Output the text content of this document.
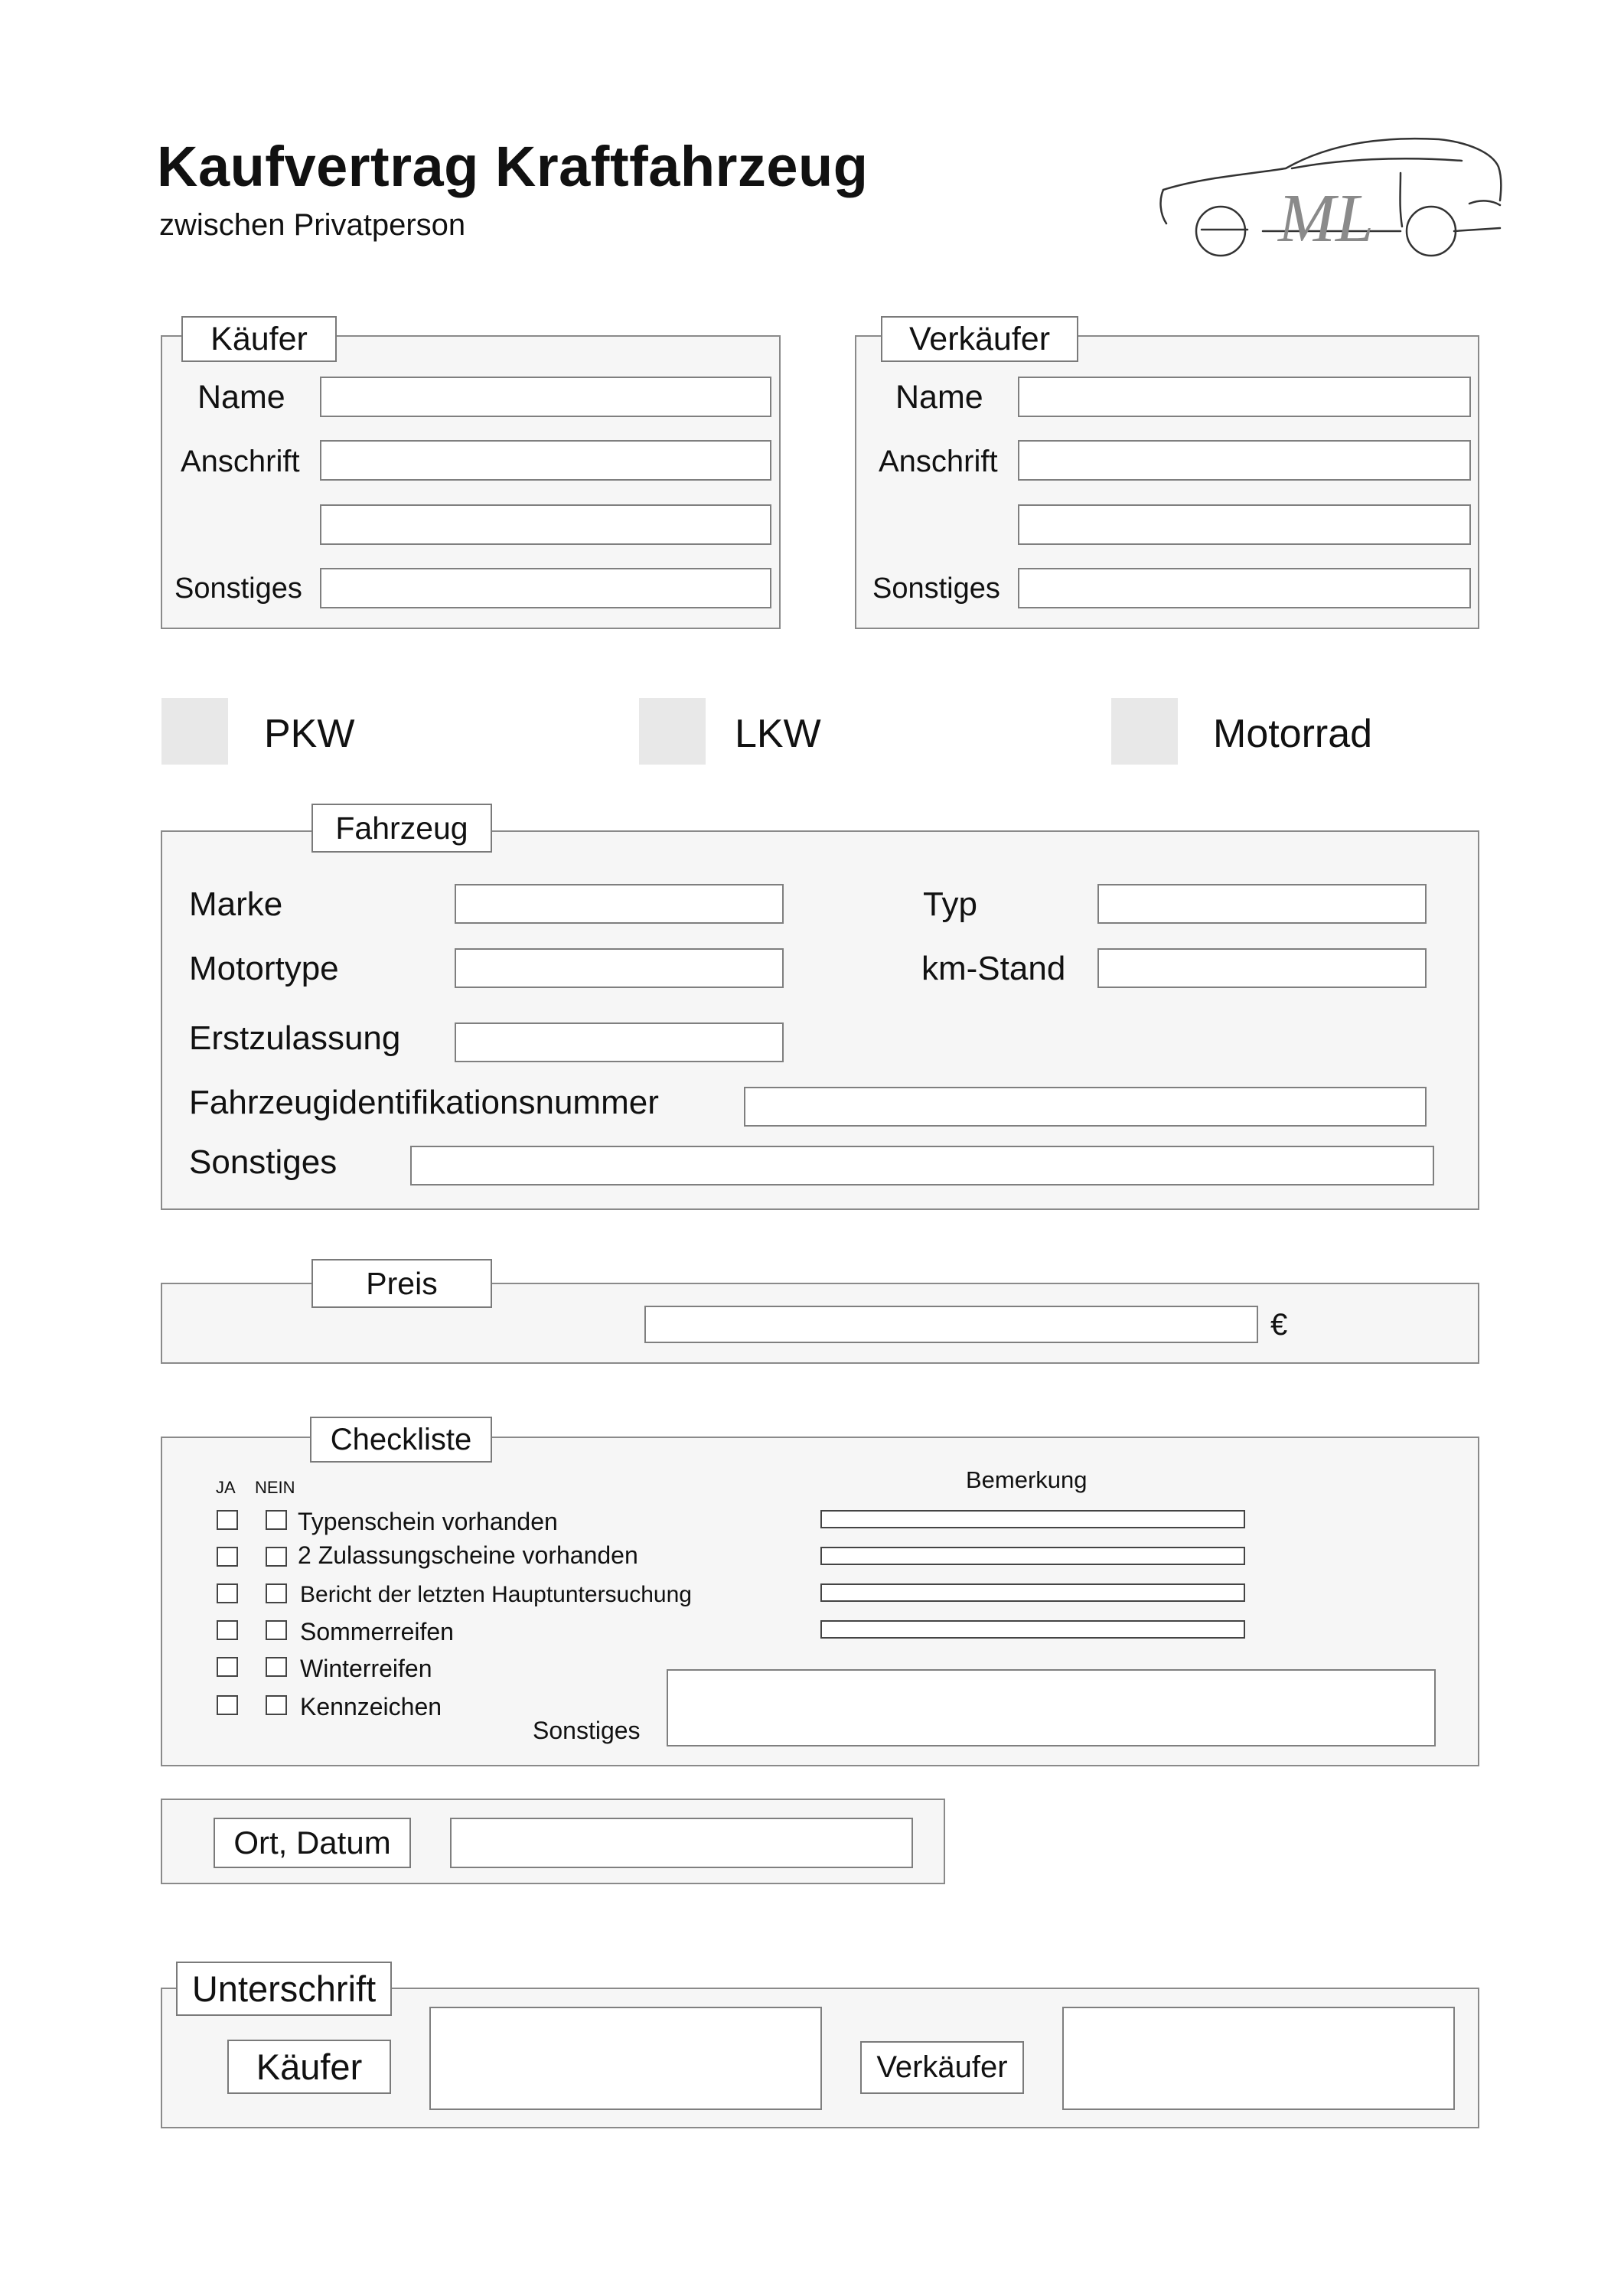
Kaufvertrag Kraftfahrzeug
zwischen Privatperson	ML
Käufer
Name
Anschrift
Sonstiges
Verkäufer
Name
Anschrift
Sonstiges
PKW	LKW	Motorrad
Fahrzeug
Marke	Typ
Motortype	km-Stand
Erstzulassung
Fahrzeugidentifikationsnummer
Sonstiges
Preis
€
Checkliste
JA NEIN	Bemerkung
Typenschein vorhanden
2 Zulassungscheine vorhanden
Bericht der letzten Hauptuntersuchung
Sommerreifen
Winterreifen
Kennzeichen
Sonstiges
Ort, Datum
Unterschrift
Käufer	Verkäufer
